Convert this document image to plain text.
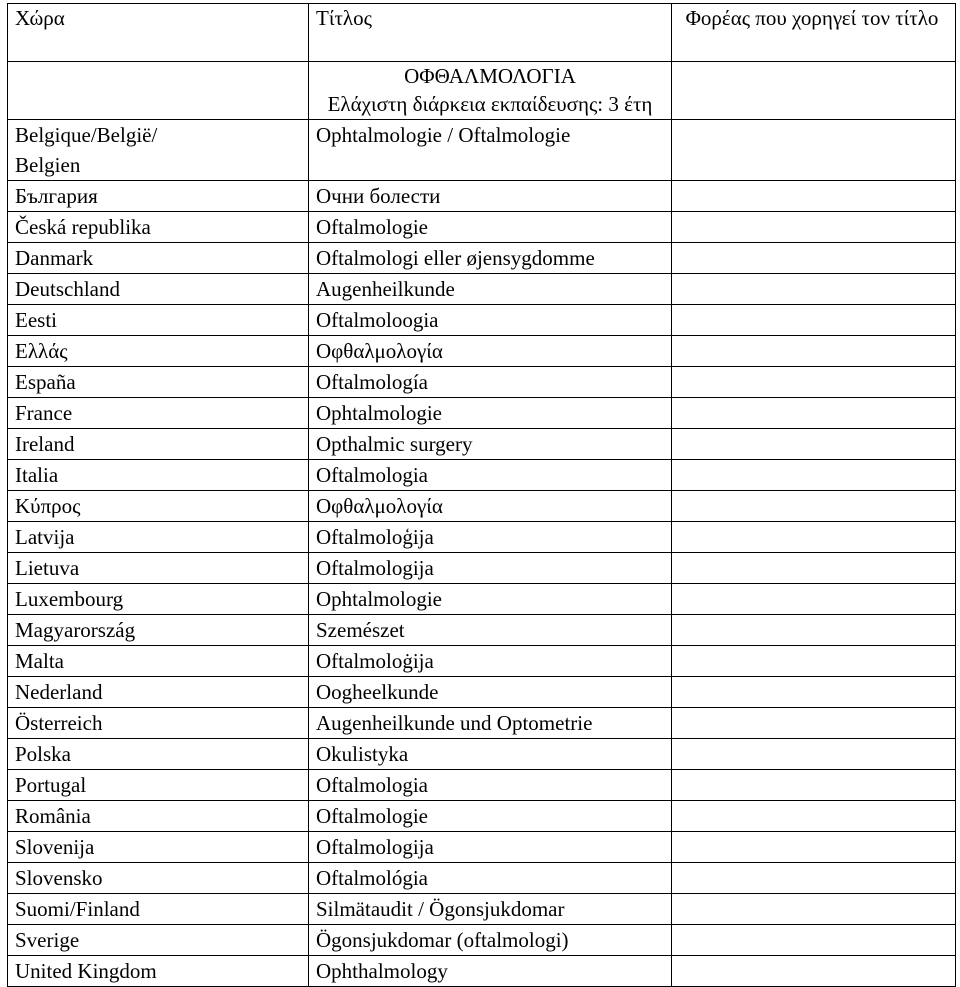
Χώρα	Τίτλος	Φορέας που χορηγεί τον τίτλο

	ΟΦΘΑΛΜΟΛΟΓΙΑ
Ελάχιστη διάρκεια εκπαίδευσης: 3 έτη	

Belgique/België/
Belgien	Ophtalmologie / Oftalmologie	
България	Очни болести	
Česká republika	Oftalmologie	
Danmark	Oftalmologi eller øjensygdomme	
Deutschland	Augenheilkunde	
Eesti	Oftalmoloogia	
Ελλάς	Οφθαλμολογία	
España	Oftalmología	
France	Ophtalmologie	
Ireland	Opthalmic surgery	
Italia	Oftalmologia	
Κύπρος	Οφθαλμολογία	
Latvija	Oftalmoloģija	
Lietuva	Oftalmologija	
Luxembourg	Ophtalmologie	
Magyarország	Szemészet	
Malta	Oftalmoloġija	
Nederland	Oogheelkunde	
Österreich	Augenheilkunde und Optometrie	
Polska	Okulistyka	
Portugal	Oftalmologia	
România	Oftalmologie	
Slovenija	Oftalmologija	
Slovensko	Oftalmológia	
Suomi/Finland	Silmätaudit / Ögonsjukdomar	
Sverige	Ögonsjukdomar (oftalmologi)	
United Kingdom	Ophthalmology	
